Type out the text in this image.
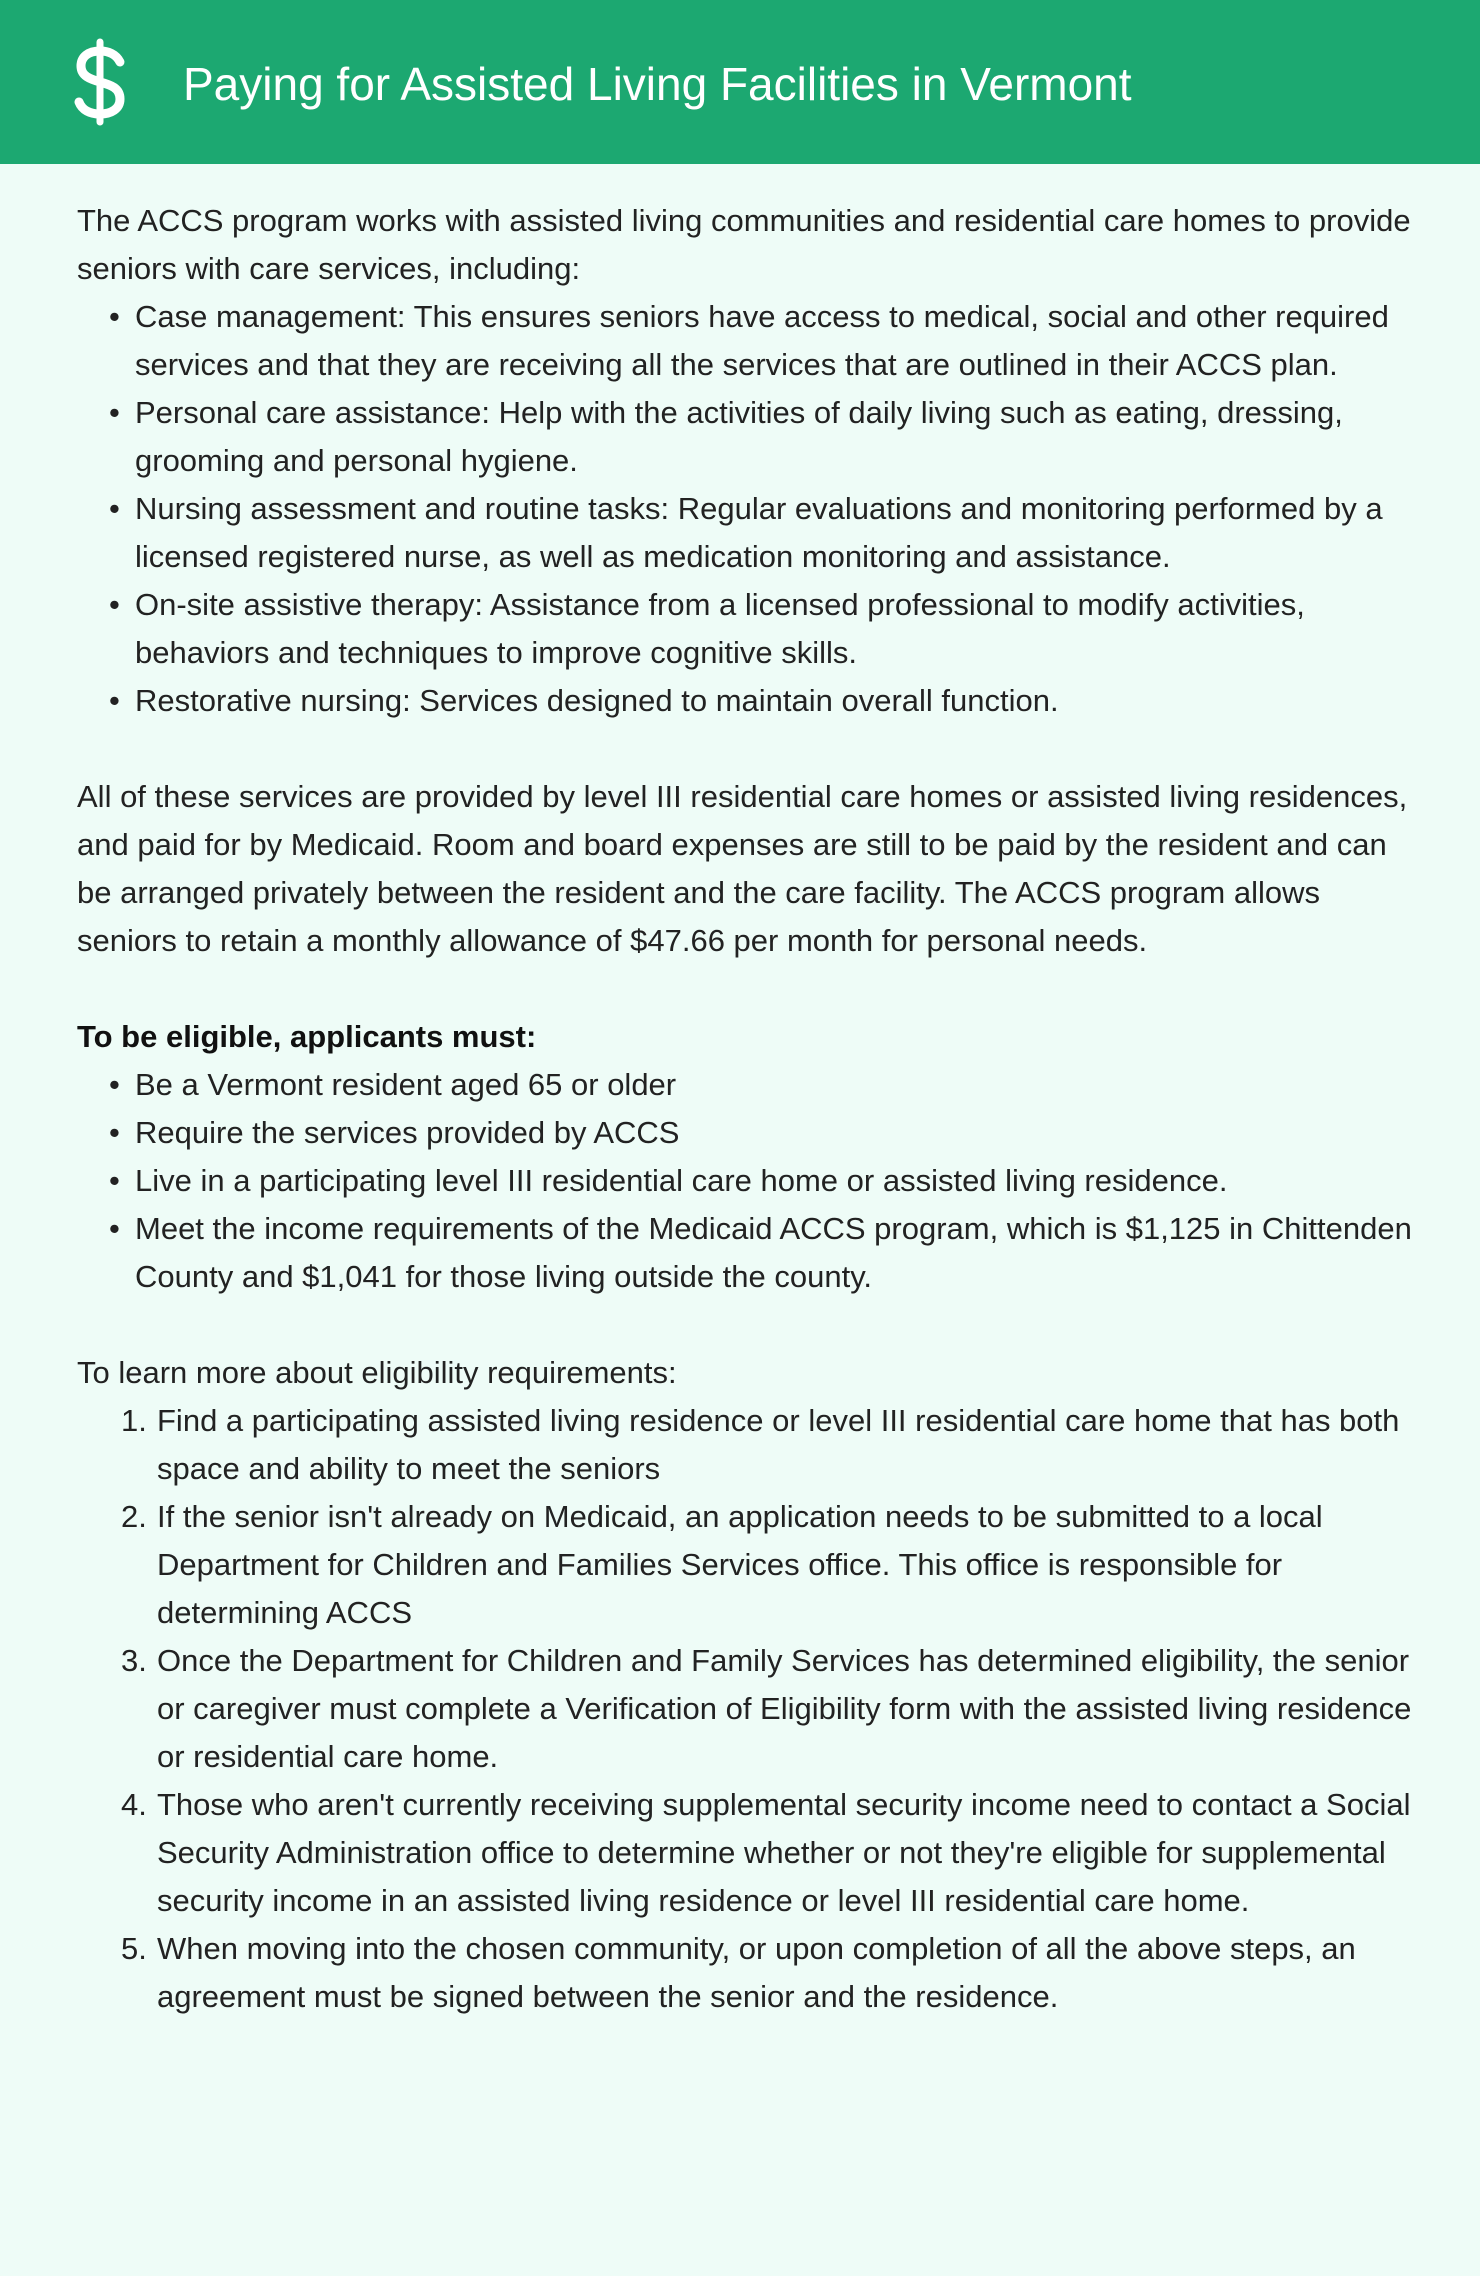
Paying for Assisted Living Facilities in Vermont

The ACCS program works with assisted living communities and residential care homes to provide seniors with care services, including:

• Case management: This ensures seniors have access to medical, social and other required services and that they are receiving all the services that are outlined in their ACCS plan.
• Personal care assistance: Help with the activities of daily living such as eating, dressing, grooming and personal hygiene.
• Nursing assessment and routine tasks: Regular evaluations and monitoring performed by a licensed registered nurse, as well as medication monitoring and assistance.
• On-site assistive therapy: Assistance from a licensed professional to modify activities, behaviors and techniques to improve cognitive skills.
• Restorative nursing: Services designed to maintain overall function.

All of these services are provided by level III residential care homes or assisted living residences, and paid for by Medicaid. Room and board expenses are still to be paid by the resident and can be arranged privately between the resident and the care facility. The ACCS program allows seniors to retain a monthly allowance of $47.66 per month for personal needs.

To be eligible, applicants must:

• Be a Vermont resident aged 65 or older
• Require the services provided by ACCS
• Live in a participating level III residential care home or assisted living residence.
• Meet the income requirements of the Medicaid ACCS program, which is $1,125 in Chittenden County and $1,041 for those living outside the county.

To learn more about eligibility requirements:

1. Find a participating assisted living residence or level III residential care home that has both space and ability to meet the seniors
2. If the senior isn't already on Medicaid, an application needs to be submitted to a local Department for Children and Families Services office. This office is responsible for determining ACCS
3. Once the Department for Children and Family Services has determined eligibility, the senior or caregiver must complete a Verification of Eligibility form with the assisted living residence or residential care home.
4. Those who aren't currently receiving supplemental security income need to contact a Social Security Administration office to determine whether or not they're eligible for supplemental security income in an assisted living residence or level III residential care home.
5. When moving into the chosen community, or upon completion of all the above steps, an agreement must be signed between the senior and the residence.
